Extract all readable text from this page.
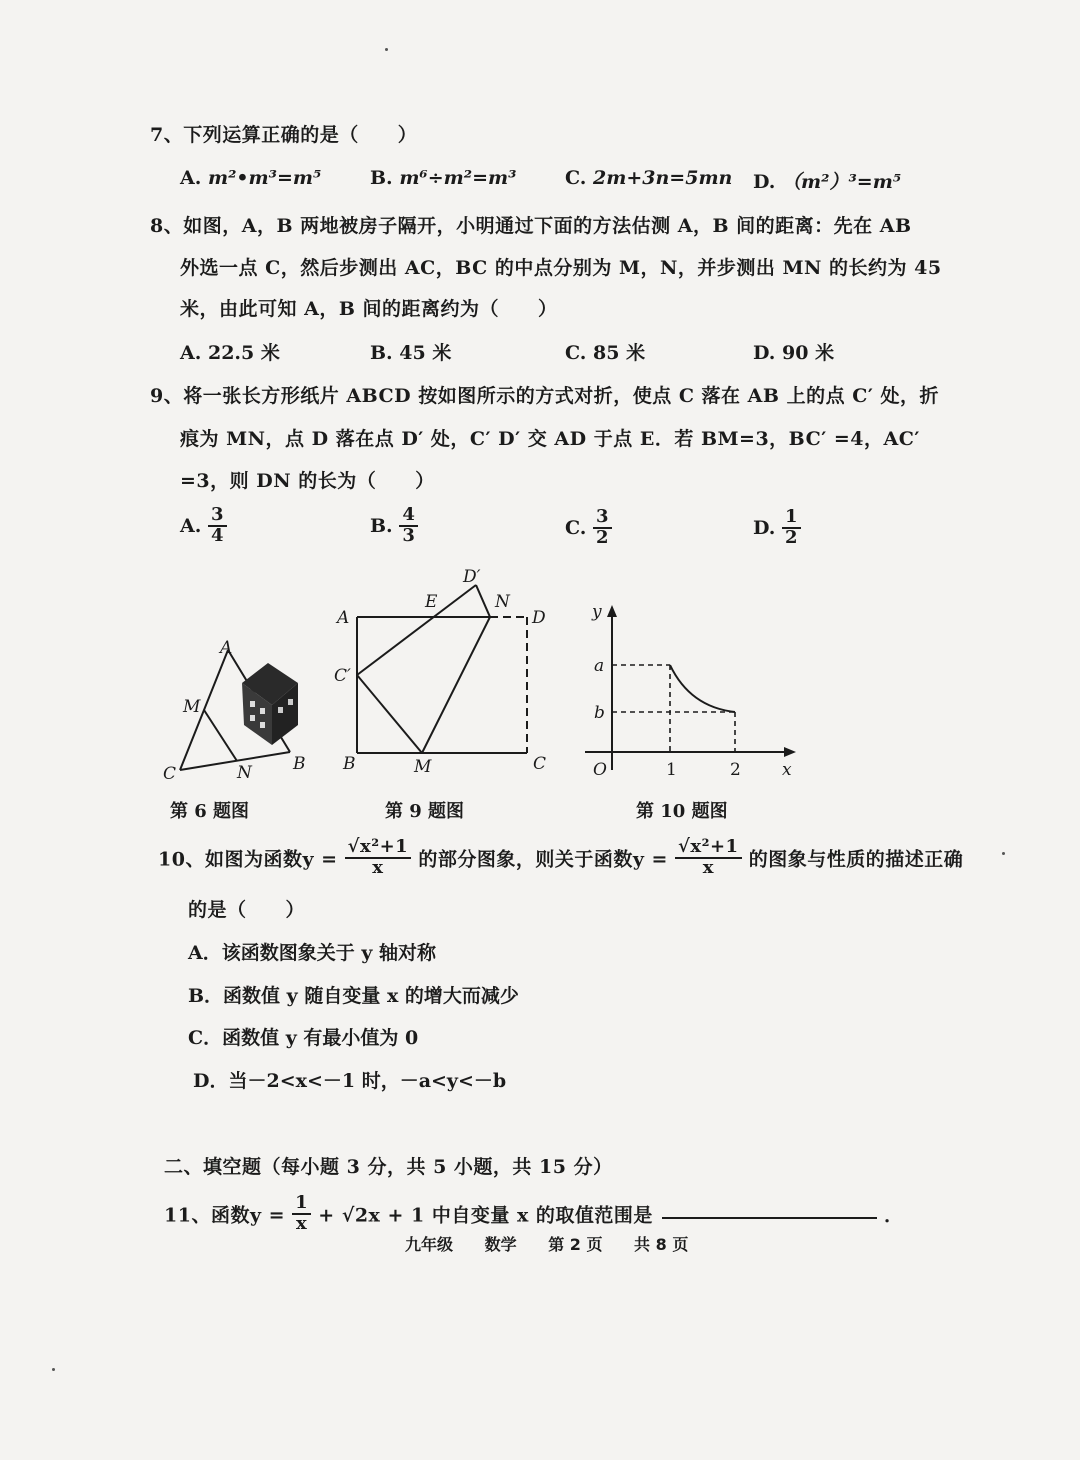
7、下列运算正确的是（　　）
A. m²•m³=m⁵	B. m⁶÷m²=m³	C. 2m+3n=5mn D. （m²）³=m⁵
8、如图，A，B 两地被房子隔开，小明通过下面的方法估测 A，B 间的距离：先在 AB
外选一点 C，然后步测出 AC，BC 的中点分别为 M，N，并步测出 MN 的长约为 45
米，由此可知 A，B 间的距离约为（　　）
A. 22.5 米	B. 45 米	C. 85 米	D. 90 米
9、将一张长方形纸片 ABCD 按如图所示的方式对折，使点 C 落在 AB 上的点 C′ 处，折
痕为 MN，点 D 落在点 D′ 处，C′ D′ 交 AD 于点 E．若 BM=3，BC′ =4，AC′
=3，则 DN 的长为（　　）
A. $\frac{3}{4}$	B. $\frac{4}{3}$	C. $\frac{3}{2}$	D. $\frac{1}{2}$
A
M
C	N B
A
E
D′
N
D
C′
B	M	C
y
a
b
O	1	2 x
第 6 题图	第 9 题图	第 10 题图
10、如图为函数$y = \frac{\text{√x²+1}}{x}$ 的部分图象，则关于函数$y = \frac{\text{√x²+1}}{x}$ 的图象与性质的描述正确
的是（　　）
A．该函数图象关于 y 轴对称
B．函数值 y 随自变量 x 的增大而减少
C．函数值 y 有最小值为 0
D．当－2<x<－1 时，－a<y<－b
二、填空题（每小题 3 分，共 5 小题，共 15 分）
11、函数$y = \frac{1}{x} + √2x + 1$ 中自变量 x 的取值范围是	．
九年级 数学 第 2 页 共 8 页
